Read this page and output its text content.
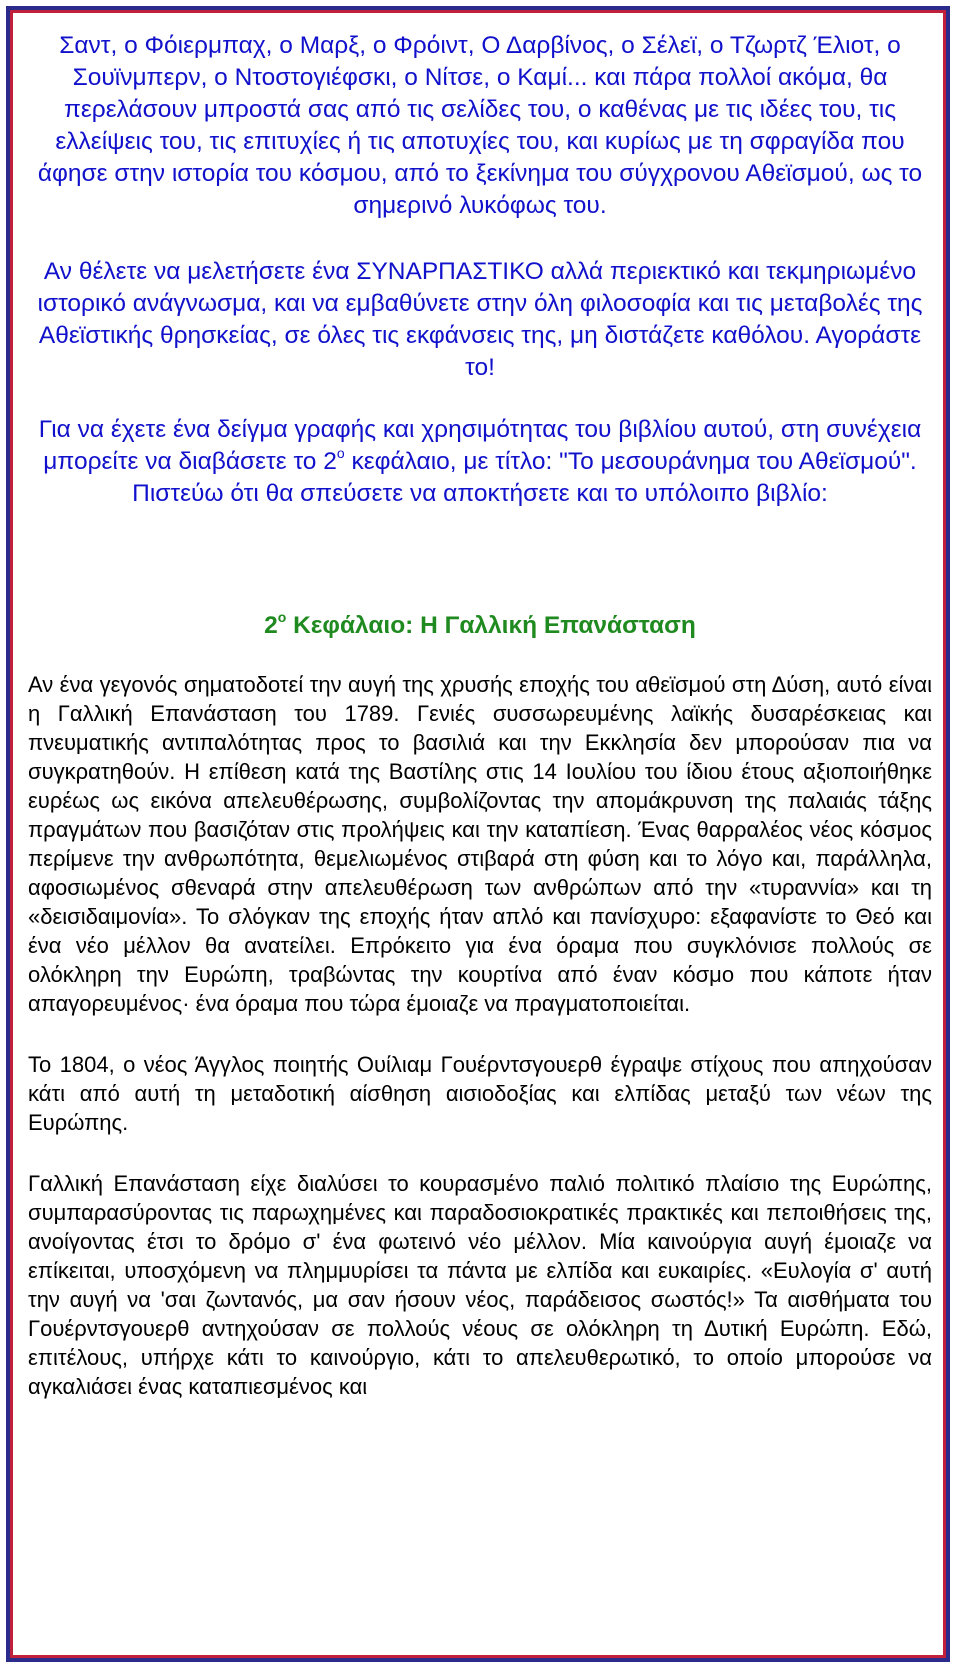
Σαντ, ο Φόιερμπαχ, ο Μαρξ, ο Φρόιντ, Ο Δαρβίνος, ο Σέλεϊ, ο Τζωρτζ Έλιοτ, ο Σουϊνμπερν, ο Ντοστογιέφσκι, ο Νίτσε, ο Καμί... και πάρα πολλοί ακόμα, θα περελάσουν μπροστά σας από τις σελίδες του, ο καθένας με τις ιδέες του, τις ελλείψεις του, τις επιτυχίες ή τις αποτυχίες του, και κυρίως με τη σφραγίδα που άφησε στην ιστορία του κόσμου, από το ξεκίνημα του σύγχρονου Αθεϊσμού, ως το σημερινό λυκόφως του.

Αν θέλετε να μελετήσετε ένα ΣΥΝΑΡΠΑΣΤΙΚΟ αλλά περιεκτικό και τεκμηριωμένο ιστορικό ανάγνωσμα, και να εμβαθύνετε στην όλη φιλοσοφία και τις μεταβολές της Αθεϊστικής θρησκείας, σε όλες τις εκφάνσεις της, μη διστάζετε καθόλου. Αγοράστε το!

Για να έχετε ένα δείγμα γραφής και χρησιμότητας του βιβλίου αυτού, στη συνέχεια μπορείτε να διαβάσετε το $2^o$ κεφάλαιο, με τίτλο: "Το μεσουράνημα του Αθεϊσμού". Πιστεύω ότι θα σπεύσετε να αποκτήσετε και το υπόλοιπο βιβλίο:

$2^o$ Κεφάλαιο: Η Γαλλική Επανάσταση

Αν ένα γεγονός σηματοδοτεί την αυγή της χρυσής εποχής του αθεϊσμού στη Δύση, αυτό είναι η Γαλλική Επανάσταση του 1789. Γενιές συσσωρευμένης λαϊκής δυσαρέσκειας και πνευματικής αντιπαλότητας προς το βασιλιά και την Εκκλησία δεν μπορούσαν πια να συγκρατηθούν. Η επίθεση κατά της Βαστίλης στις 14 Ιουλίου του ίδιου έτους αξιοποιήθηκε ευρέως ως εικόνα απελευθέρωσης, συμβολίζοντας την απομάκρυνση της παλαιάς τάξης πραγμάτων που βασιζόταν στις προλήψεις και την καταπίεση. Ένας θαρραλέος νέος κόσμος περίμενε την ανθρωπότητα, θεμελιωμένος στιβαρά στη φύση και το λόγο και, παράλληλα, αφοσιωμένος σθεναρά στην απελευθέρωση των ανθρώπων από την «τυραννία» και τη «δεισιδαιμονία». Το σλόγκαν της εποχής ήταν απλό και πανίσχυρο: εξαφανίστε το Θεό και ένα νέο μέλλον θα ανατείλει. Επρόκειτο για ένα όραμα που συγκλόνισε πολλούς σε ολόκληρη την Ευρώπη, τραβώντας την κουρτίνα από έναν κόσμο που κάποτε ήταν απαγορευμένος· ένα όραμα που τώρα έμοιαζε να πραγματοποιείται.

Το 1804, ο νέος Άγγλος ποιητής Ουίλιαμ Γουέρντσγουερθ έγραψε στίχους που απηχούσαν κάτι από αυτή τη μεταδοτική αίσθηση αισιοδοξίας και ελπίδας μεταξύ των νέων της Ευρώπης.

Γαλλική Επανάσταση είχε διαλύσει το κουρασμένο παλιό πολιτικό πλαίσιο της Ευρώπης, συμπαρασύροντας τις παρωχημένες και παραδοσιοκρατικές πρακτικές και πεποιθήσεις της, ανοίγοντας έτσι το δρόμο σ' ένα φωτεινό νέο μέλλον. Μία καινούργια αυγή έμοιαζε να επίκειται, υποσχόμενη να πλημμυρίσει τα πάντα με ελπίδα και ευκαιρίες. «Ευλογία σ' αυτή την αυγή να 'σαι ζωντανός, μα σαν ήσουν νέος, παράδεισος σωστός!» Τα αισθήματα του Γουέρντσγουερθ αντηχούσαν σε πολλούς νέους σε ολόκληρη τη Δυτική Ευρώπη. Εδώ, επιτέλους, υπήρχε κάτι το καινούργιο, κάτι το απελευθερωτικό, το οποίο μπορούσε να αγκαλιάσει ένας καταπιεσμένος και
